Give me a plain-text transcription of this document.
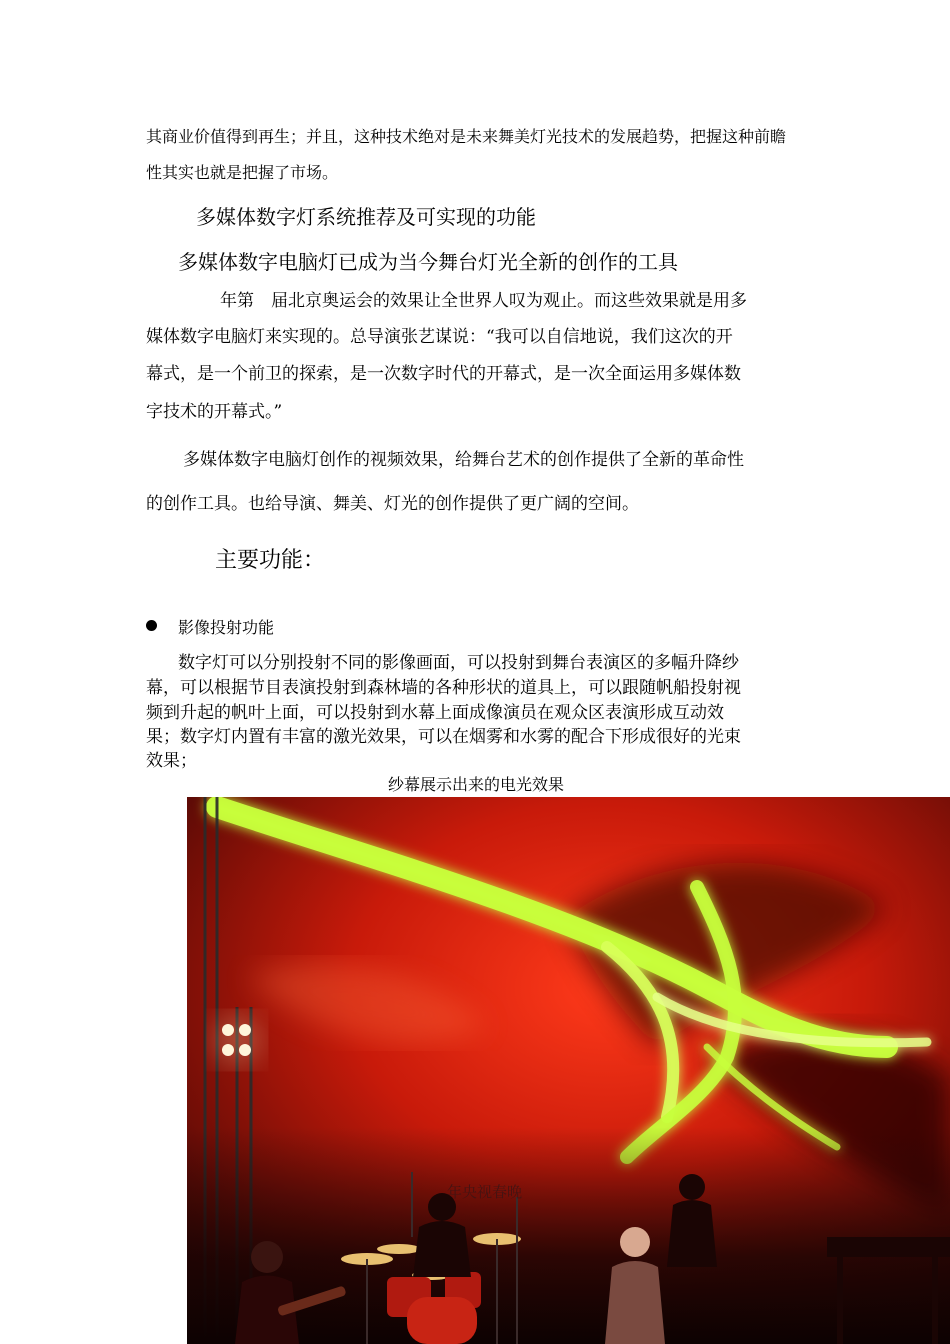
其商业价值得到再生；并且，这种技术绝对是未来舞美灯光技术的发展趋势，把握这种前瞻
性其实也就是把握了市场。
多媒体数字灯系统推荐及可实现的功能
多媒体数字电脑灯已成为当今舞台灯光全新的创作的工具
年第　届北京奥运会的效果让全世界人叹为观止。而这些效果就是用多
媒体数字电脑灯来实现的。总导演张艺谋说：“我可以自信地说，我们这次的开
幕式，是一个前卫的探索，是一次数字时代的开幕式，是一次全面运用多媒体数
字技术的开幕式。”
多媒体数字电脑灯创作的视频效果，给舞台艺术的创作提供了全新的革命性
的创作工具。也给导演、舞美、灯光的创作提供了更广阔的空间。
主要功能：
影像投射功能
数字灯可以分别投射不同的影像画面，可以投射到舞台表演区的多幅升降纱
幕，可以根据节目表演投射到森林墙的各种形状的道具上，可以跟随帆船投射视
频到升起的帆叶上面，可以投射到水幕上面成像演员在观众区表演形成互动效
果；数字灯内置有丰富的激光效果，可以在烟雾和水雾的配合下形成很好的光束
效果；
纱幕展示出来的电光效果
年央视春晚
